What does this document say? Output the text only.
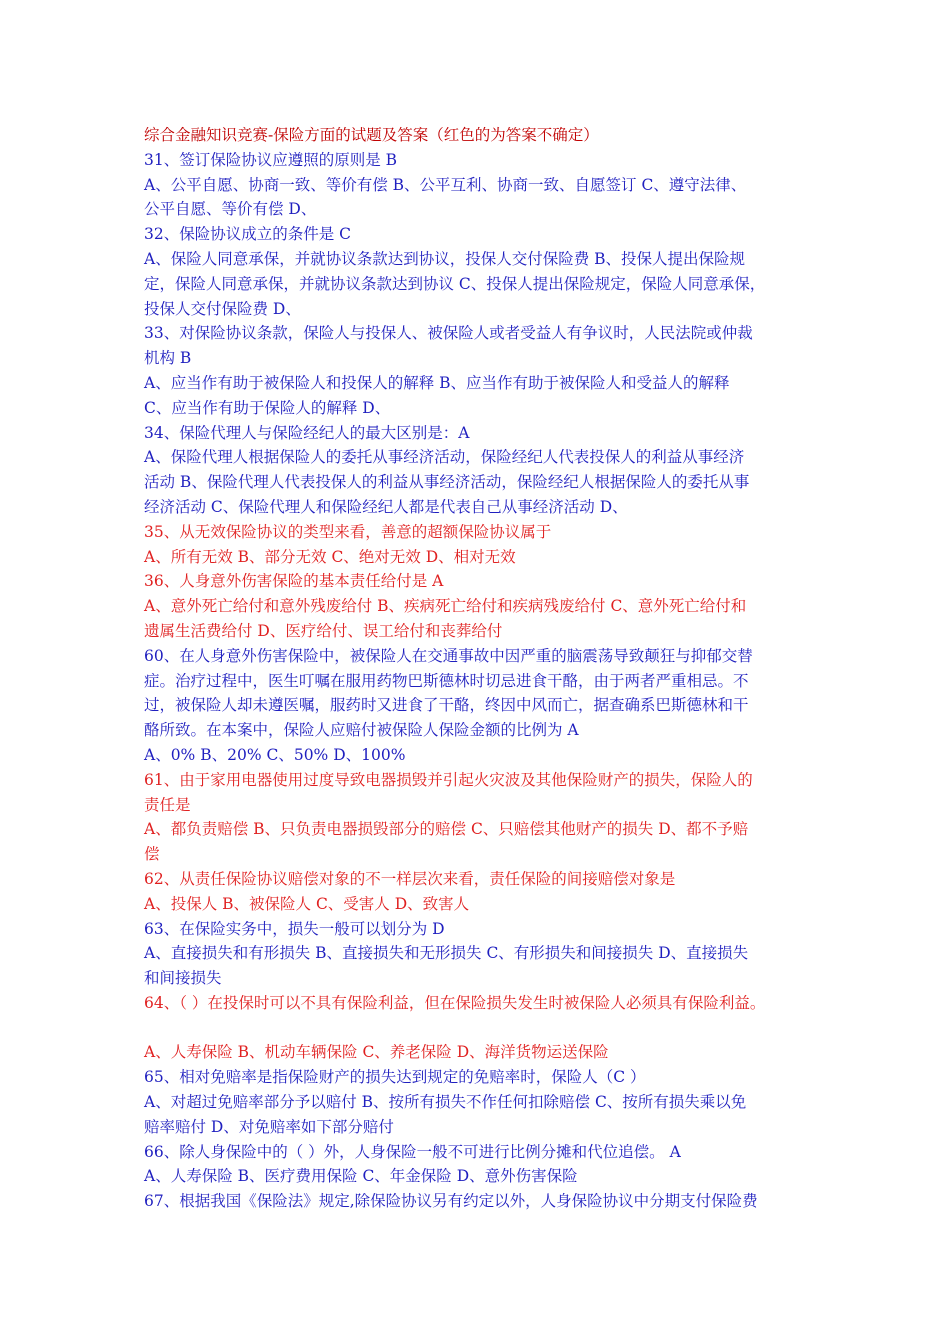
综合金融知识竞赛-保险方面的试题及答案（红色的为答案不确定）
31、签订保险协议应遵照的原则是 B
A、公平自愿、协商一致、等价有偿 B、公平互利、协商一致、自愿签订 C、遵守法律、
公平自愿、等价有偿 D、
32、保险协议成立的条件是 C
A、保险人同意承保，并就协议条款达到协议，投保人交付保险费 B、投保人提出保险规
定，保险人同意承保，并就协议条款达到协议 C、投保人提出保险规定，保险人同意承保，
投保人交付保险费 D、
33、对保险协议条款，保险人与投保人、被保险人或者受益人有争议时，人民法院或仲裁
机构 B
A、应当作有助于被保险人和投保人的解释 B、应当作有助于被保险人和受益人的解释
C、应当作有助于保险人的解释 D、
34、保险代理人与保险经纪人的最大区别是：A
A、保险代理人根据保险人的委托从事经济活动，保险经纪人代表投保人的利益从事经济
活动 B、保险代理人代表投保人的利益从事经济活动，保险经纪人根据保险人的委托从事
经济活动 C、保险代理人和保险经纪人都是代表自己从事经济活动 D、
35、从无效保险协议的类型来看，善意的超额保险协议属于
A、所有无效 B、部分无效 C、绝对无效 D、相对无效
36、人身意外伤害保险的基本责任给付是 A
A、意外死亡给付和意外残废给付 B、疾病死亡给付和疾病残废给付 C、意外死亡给付和
遗属生活费给付 D、医疗给付、误工给付和丧葬给付
60、在人身意外伤害保险中，被保险人在交通事故中因严重的脑震荡导致颠狂与抑郁交替
症。治疗过程中，医生叮嘱在服用药物巴斯德林时切忌进食干酪，由于两者严重相忌。不
过，被保险人却未遵医嘱，服药时又进食了干酪，终因中风而亡，据查确系巴斯德林和干
酪所致。在本案中，保险人应赔付被保险人保险金额的比例为 A
A、0% B、20% C、50% D、100%
61、由于家用电器使用过度导致电器损毁并引起火灾波及其他保险财产的损失，保险人的
责任是
A、都负责赔偿 B、只负责电器损毁部分的赔偿 C、只赔偿其他财产的损失 D、都不予赔
偿
62、从责任保险协议赔偿对象的不一样层次来看，责任保险的间接赔偿对象是
A、投保人 B、被保险人 C、受害人 D、致害人
63、在保险实务中，损失一般可以划分为 D
A、直接损失和有形损失 B、直接损失和无形损失 C、有形损失和间接损失 D、直接损失
和间接损失
64、（ ）在投保时可以不具有保险利益，但在保险损失发生时被保险人必须具有保险利益。
A、人寿保险 B、机动车辆保险 C、养老保险 D、海洋货物运送保险
65、相对免赔率是指保险财产的损失达到规定的免赔率时，保险人（C ）
A、对超过免赔率部分予以赔付 B、按所有损失不作任何扣除赔偿 C、按所有损失乘以免
赔率赔付 D、对免赔率如下部分赔付
66、除人身保险中的（ ）外，人身保险一般不可进行比例分摊和代位追偿。 A
A、人寿保险 B、医疗费用保险 C、年金保险 D、意外伤害保险
67、根据我国《保险法》规定,除保险协议另有约定以外，人身保险协议中分期支付保险费
